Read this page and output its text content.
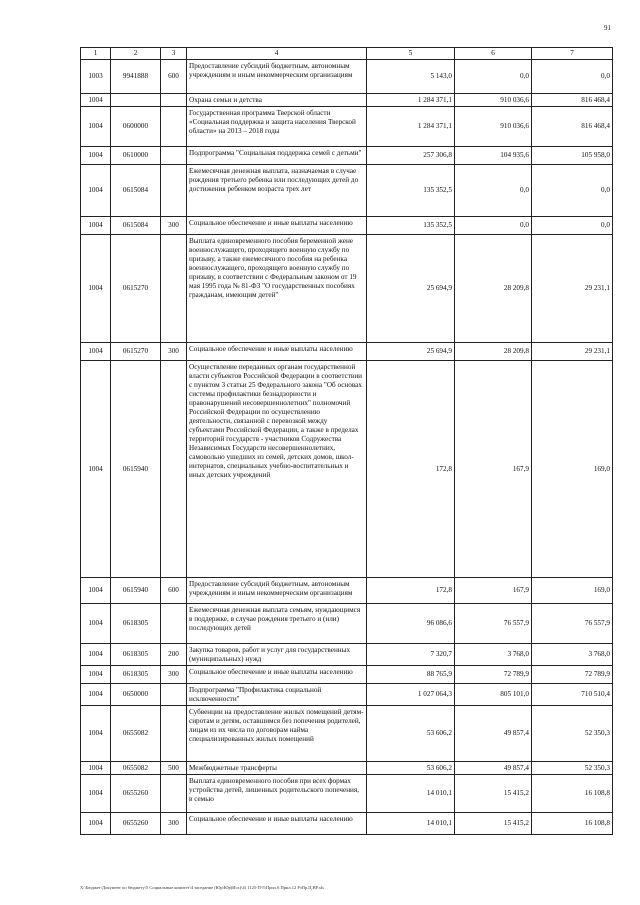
91
1	2	3	4	5	6	7
1003	9941888	600	Предоставление субсидий бюджетным, автономным учреждениям и иным некоммерческим организациям	5 143,0	0,0	0,0
1004			Охрана семьи и детства	1 284 371,1	910 036,6	816 468,4
1004	0600000		Государственная программа Тверской области «Социальная поддержка и защита населения Тверской области» на 2013 – 2018 годы	1 284 371,1	910 036,6	816 468,4
1004	0610000		Подпрограмма "Социальная поддержка семей с детьми"	257 306,8	104 935,6	105 958,0
1004	0615084		Ежемесячная денежная выплата, назначаемая в случае рождения третьего ребенка или последующих детей до достижения ребенком возраста трех лет	135 352,5	0,0	0,0
1004	0615084	300	Социальное обеспечение и иные выплаты населению	135 352,5	0,0	0,0
1004	0615270		Выплата единовременного пособия беременной жене военнослужащего, проходящего военную службу по призыву, а также ежемесячного пособия на ребенка военнослужащего, проходящего военную службу по призыву, в соответствии с Федеральным законом от 19 мая 1995 года № 81-ФЗ "О государственных пособиях гражданам, имеющим детей"	25 694,9	28 209,8	29 231,1
1004	0615270	300	Социальное обеспечение и иные выплаты населению	25 694,9	28 209,8	29 231,1
1004	0615940		Осуществление переданных органам государственной власти субъектов Российской Федерации в соответствии с пунктом 3 статьи 25 Федерального закона "Об основах системы профилактики безнадзорности и правонарушений несовершеннолетних" полномочий Российской Федерации по осуществлению деятельности, связанной с перевозкой между субъектами Российской Федерации, а также в пределах территорий государств - участников Содружества Независимых Государств несовершеннолетних, самовольно ушедших из семей, детских домов, школ-интернатов, специальных учебно-воспитательных и иных детских учреждений	172,8	167,9	169,0
1004	0615940	600	Предоставление субсидий бюджетным, автономным учреждениям и иным некоммерческим организациям	172,8	167,9	169,0
1004	0618305		Ежемесячная денежная выплата семьям, нуждающимся в поддержке, в случае рождения третьего и (или) последующих детей	96 086,6	76 557,9	76 557,9
1004	0618305	200	Закупка товаров, работ и услуг для государственных (муниципальных) нужд	7 320,7	3 768,0	3 768,0
1004	0618305	300	Социальное обеспечение и иные выплаты населению	88 765,9	72 789,9	72 789,9
1004	0650000		Подпрограмма "Профилактика социальной исключенности"	1 027 064,3	805 101,0	710 510,4
1004	0655082		Субвенции на предоставление жилых помещений детям-сиротам и детям, оставшимся без попечения родителей, лицам из их числа по договорам найма специализированных жилых помещений	53 606,2	49 857,4	52 350,3
1004	0655082	500	Межбюджетные трансферты	53 606,2	49 857,4	52 350,3
1004	0655260		Выплата единовременного пособия при всех формах устройства детей, лишенных родительского попечения, в семью	14 010,1	15 415,2	16 108,8
1004	0655260	300	Социальное обеспечение и иные выплаты населению	14 010,1	15 415,2	16 108,8
X:\Бюджет\Документ по бюджету\5 Социальные комитет\4 заседание (Юр\Юр(Исх)\4) 1125-П-5\Прил.6 Прил.12 РзПр.Ц.ВР.xls
